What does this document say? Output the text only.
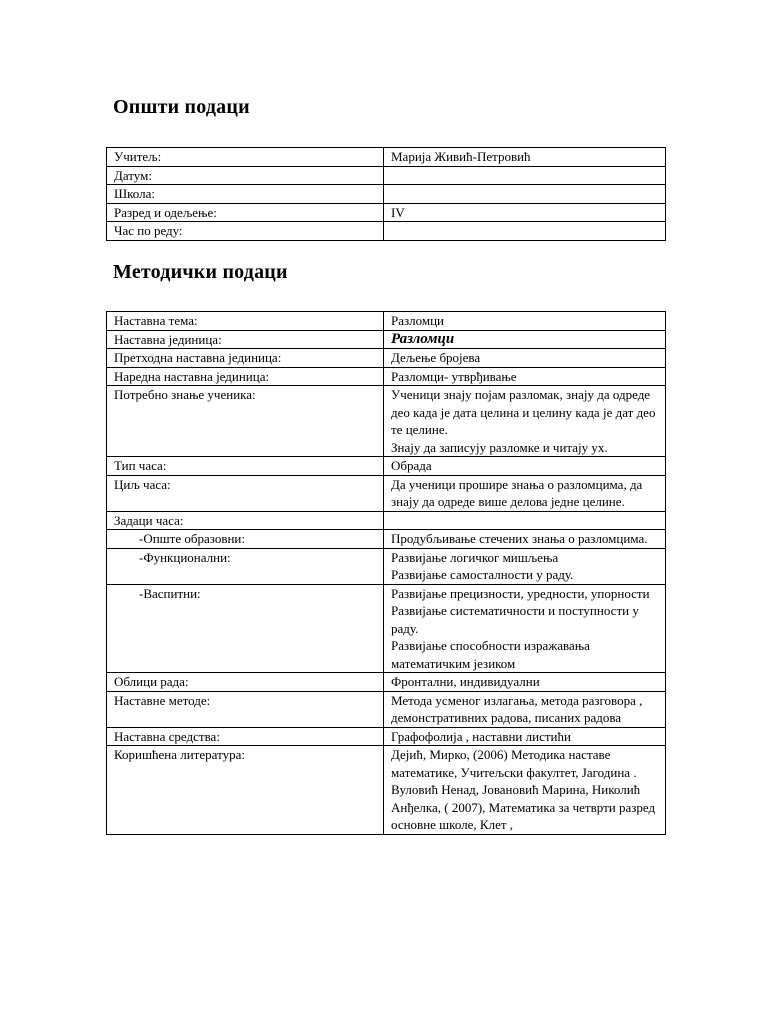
Општи подаци
Учитељ:	Марија Живић-Петровић
Датум:	
Школа:	
Разред и одељење:	IV
Час по реду:	
Методички подаци
Наставна тема:	Разломци
Наставна јединица:	Разломци
Претходна наставна јединица:	Дељење бројева
Наредна наставна јединица:	Разломци- утврђивање
Потребно знање ученика:	Ученици знају појам разломак, знају да одреде део када је дата целина и целину када је дат део те целине.
Знају да записују разломке и читају ух.
Тип часа:	Обрада
Циљ часа:	Да ученици прошире знања о разломцима, да знају да одреде више делова једне целине.
Задаци часа:	
-Опште образовни:	Продубљивање стечених знања о разломцима.
-Функционални:	Развијање логичког мишљења
Развијање самосталности у раду.
-Васпитни:	Развијање прецизности, уредности, упорности
Развијање систематичности и поступности у раду.
Развијање способности изражавања математичким језиком
Облици рада:	Фронтални, индивидуални
Наставне методе:	Метода усменог излагања, метода разговора , демонстративних радова, писаних радова
Наставна средства:	Графофолија , наставни листићи
Коришћена литература:	Дејић, Мирко, (2006) Методика наставе математике, Учитељски факултет, Јагодина .
Вуловић Ненад, Јовановић Марина, Николић Анђелка, ( 2007), Математика за четврти разред основне школе, Клет ,
